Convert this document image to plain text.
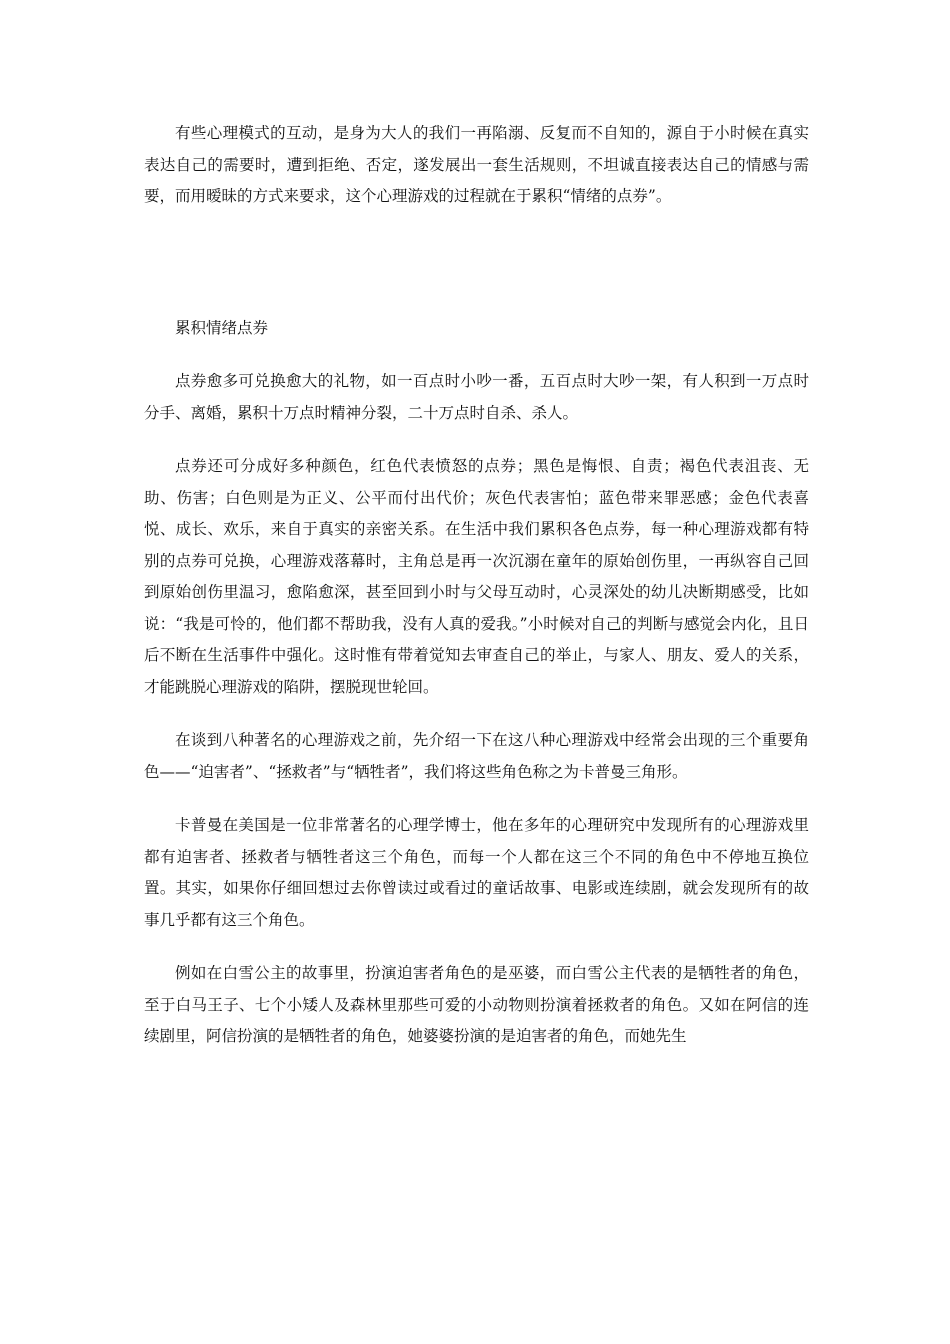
有些心理模式的互动，是身为大人的我们一再陷溺、反复而不自知的，源自于小时候在真实表达自己的需要时，遭到拒绝、否定，遂发展出一套生活规则，不坦诚直接表达自己的情感与需要，而用暧昧的方式来要求，这个心理游戏的过程就在于累积“情绪的点券”。

累积情绪点券

点券愈多可兑换愈大的礼物，如一百点时小吵一番，五百点时大吵一架，有人积到一万点时分手、离婚，累积十万点时精神分裂，二十万点时自杀、杀人。

点券还可分成好多种颜色，红色代表愤怒的点券；黑色是悔恨、自责；褐色代表沮丧、无助、伤害；白色则是为正义、公平而付出代价；灰色代表害怕；蓝色带来罪恶感；金色代表喜悦、成长、欢乐，来自于真实的亲密关系。在生活中我们累积各色点券，每一种心理游戏都有特别的点券可兑换，心理游戏落幕时，主角总是再一次沉溺在童年的原始创伤里，一再纵容自己回到原始创伤里温习，愈陷愈深，甚至回到小时与父母互动时，心灵深处的幼儿决断期感受，比如说：“我是可怜的，他们都不帮助我，没有人真的爱我。”小时候对自己的判断与感觉会内化，且日后不断在生活事件中强化。这时惟有带着觉知去审查自己的举止，与家人、朋友、爱人的关系，才能跳脱心理游戏的陷阱，摆脱现世轮回。

在谈到八种著名的心理游戏之前，先介绍一下在这八种心理游戏中经常会出现的三个重要角色——“迫害者”、“拯救者”与“牺牲者”，我们将这些角色称之为卡普曼三角形。

卡普曼在美国是一位非常著名的心理学博士，他在多年的心理研究中发现所有的心理游戏里都有迫害者、拯救者与牺牲者这三个角色，而每一个人都在这三个不同的角色中不停地互换位置。其实，如果你仔细回想过去你曾读过或看过的童话故事、电影或连续剧，就会发现所有的故事几乎都有这三个角色。

例如在白雪公主的故事里，扮演迫害者角色的是巫婆，而白雪公主代表的是牺牲者的角色，至于白马王子、七个小矮人及森林里那些可爱的小动物则扮演着拯救者的角色。又如在阿信的连续剧里，阿信扮演的是牺牲者的角色，她婆婆扮演的是迫害者的角色，而她先生
